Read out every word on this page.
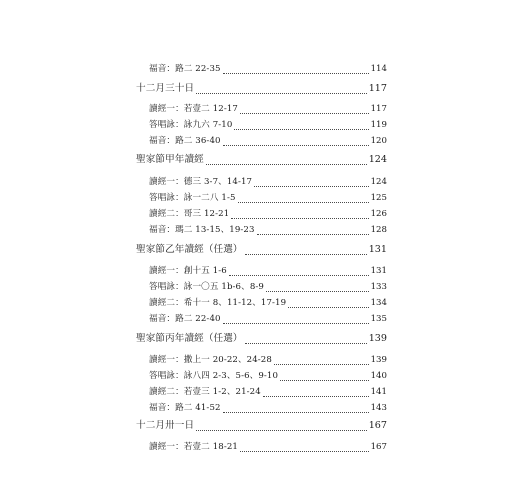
福音：路二 22-35	114
十二月三十日	117
讀經一：若壹二 12-17	117
答唱詠：詠九六 7-10	119
福音：路二 36-40	120
聖家節甲年讀經	124
讀經一：德三 3-7、14-17	124
答唱詠：詠一二八 1-5	125
讀經二：哥三 12-21	126
福音：瑪二 13-15、19-23	128
聖家節乙年讀經（任選）	131
讀經一：創十五 1-6	131
答唱詠：詠一〇五 1b-6、8-9	133
讀經二：希十一 8、11-12、17-19	134
福音：路二 22-40	135
聖家節丙年讀經（任選）	139
讀經一：撒上一 20-22、24-28	139
答唱詠：詠八四 2-3、5-6、9-10	140
讀經二：若壹三 1-2、21-24	141
福音：路二 41-52	143
十二月卅一日	167
讀經一：若壹二 18-21	167
